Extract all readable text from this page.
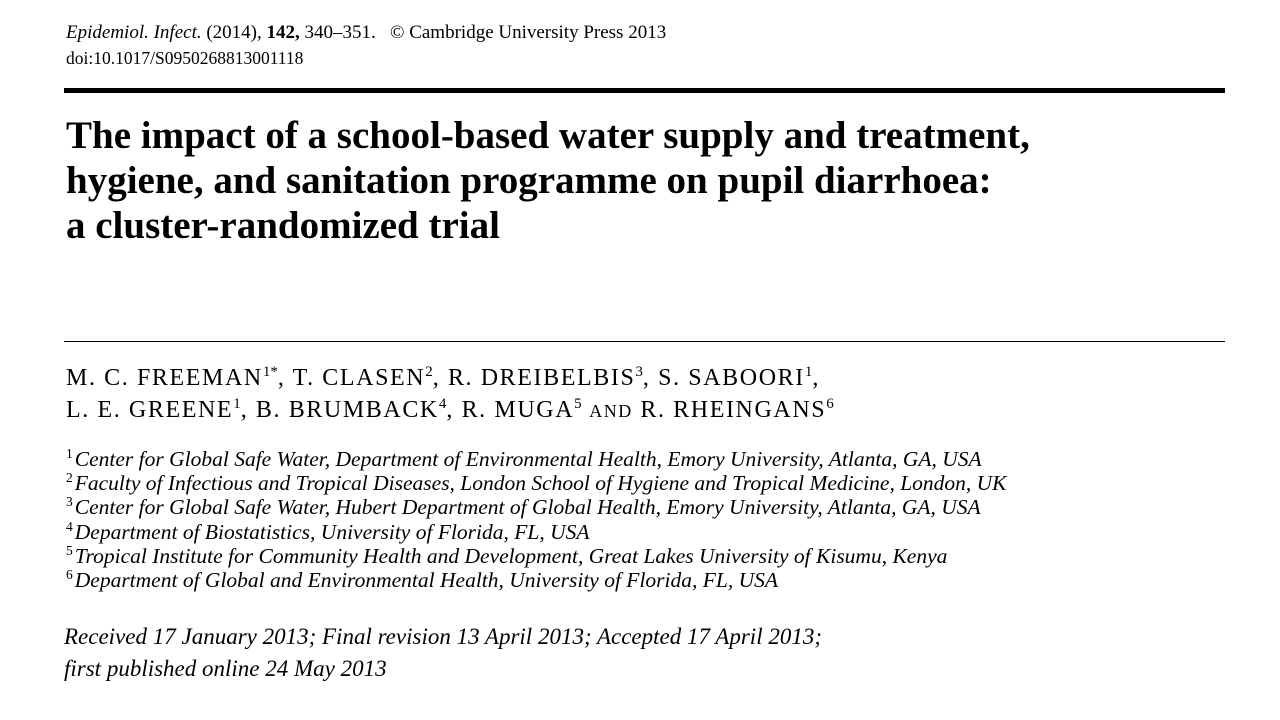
Epidemiol. Infect. (2014), 142, 340–351. © Cambridge University Press 2013
doi:10.1017/S0950268813001118
The impact of a school-based water supply and treatment,
hygiene, and sanitation programme on pupil diarrhoea:
a cluster-randomized trial
M. C. $FREEMAN^{1*}$, T. CLASEN$^2$, R. DREIBELBIS$^3$, S. SABOORI$^1$,
L. E. GREENE$^1$, B. BRUMBACK$^4$, R. MUGA$^5$ AND R. RHEINGANS$^6$
$^1$Center for Global Safe Water, Department of Environmental Health, Emory University, Atlanta, GA, USA
$^2$Faculty of Infectious and Tropical Diseases, London School of Hygiene and Tropical Medicine, London, UK
$^3$Center for Global Safe Water, Hubert Department of Global Health, Emory University, Atlanta, GA, USA
$^4$Department of Biostatistics, University of Florida, FL, USA
$^5$Tropical Institute for Community Health and Development, Great Lakes University of Kisumu, Kenya
$^6$Department of Global and Environmental Health, University of Florida, FL, USA
Received 17 January 2013; Final revision 13 April 2013; Accepted 17 April 2013;
first published online 24 May 2013
